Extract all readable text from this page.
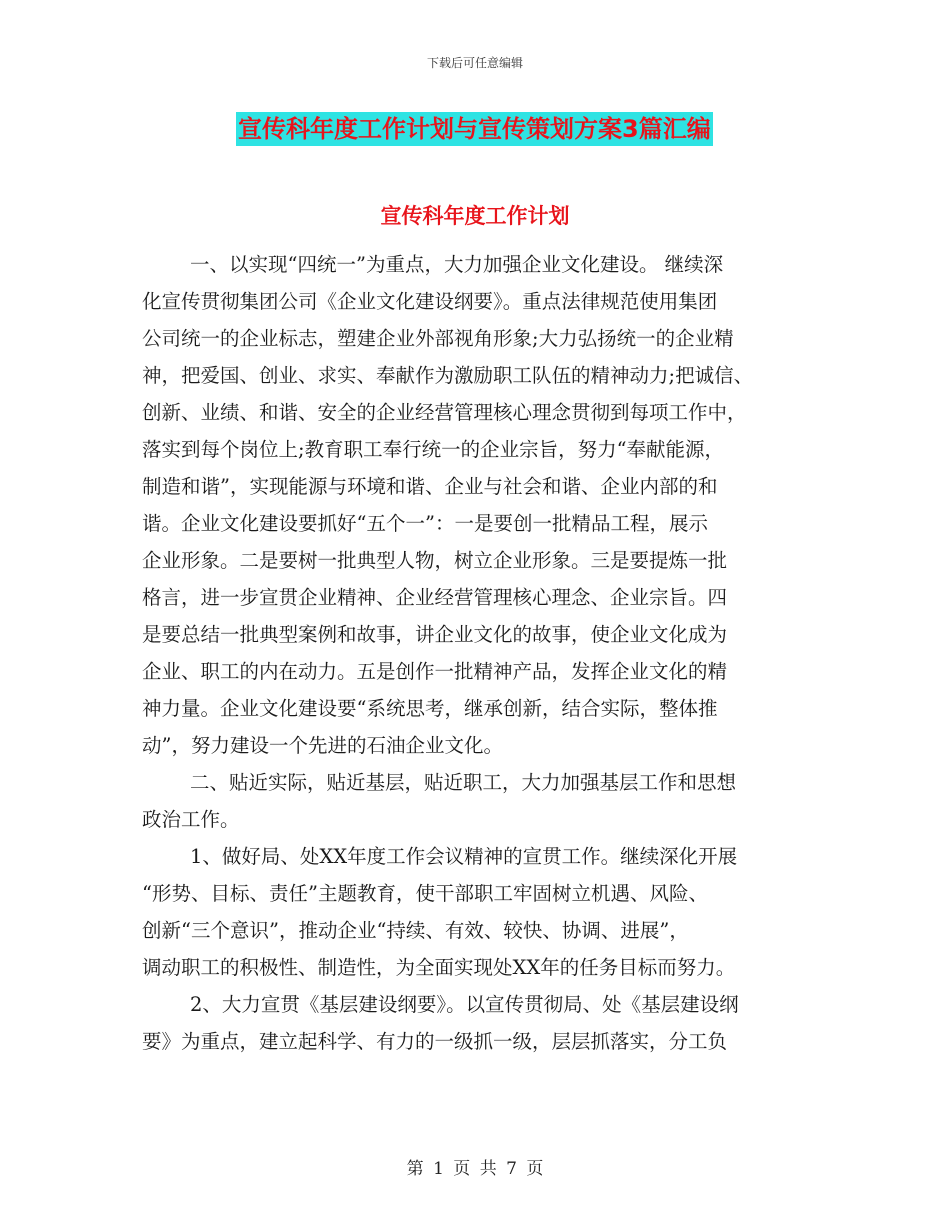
下载后可任意编辑
宣传科年度工作计划与宣传策划方案3篇汇编
宣传科年度工作计划
一、以实现“四统一”为重点，大力加强企业文化建设。 继续深
化宣传贯彻集团公司《企业文化建设纲要》。重点法律规范使用集团
公司统一的企业标志，塑建企业外部视角形象;大力弘扬统一的企业精
神，把爱国、创业、求实、奉献作为激励职工队伍的精神动力;把诚信、
创新、业绩、和谐、安全的企业经营管理核心理念贯彻到每项工作中，
落实到每个岗位上;教育职工奉行统一的企业宗旨，努力“奉献能源，
制造和谐”，实现能源与环境和谐、企业与社会和谐、企业内部的和
谐。企业文化建设要抓好“五个一”：一是要创一批精品工程，展示
企业形象。二是要树一批典型人物，树立企业形象。三是要提炼一批
格言，进一步宣贯企业精神、企业经营管理核心理念、企业宗旨。四
是要总结一批典型案例和故事，讲企业文化的故事，使企业文化成为
企业、职工的内在动力。五是创作一批精神产品，发挥企业文化的精
神力量。企业文化建设要“系统思考，继承创新，结合实际，整体推
动”，努力建设一个先进的石油企业文化。
二、贴近实际，贴近基层，贴近职工，大力加强基层工作和思想
政治工作。
1、做好局、处XX年度工作会议精神的宣贯工作。继续深化开展
“形势、目标、责任”主题教育，使干部职工牢固树立机遇、风险、
创新“三个意识”，推动企业“持续、有效、较快、协调、进展”，
调动职工的积极性、制造性，为全面实现处XX年的任务目标而努力。
2、大力宣贯《基层建设纲要》。以宣传贯彻局、处《基层建设纲
要》为重点，建立起科学、有力的一级抓一级，层层抓落实，分工负
第 1 页 共 7 页
